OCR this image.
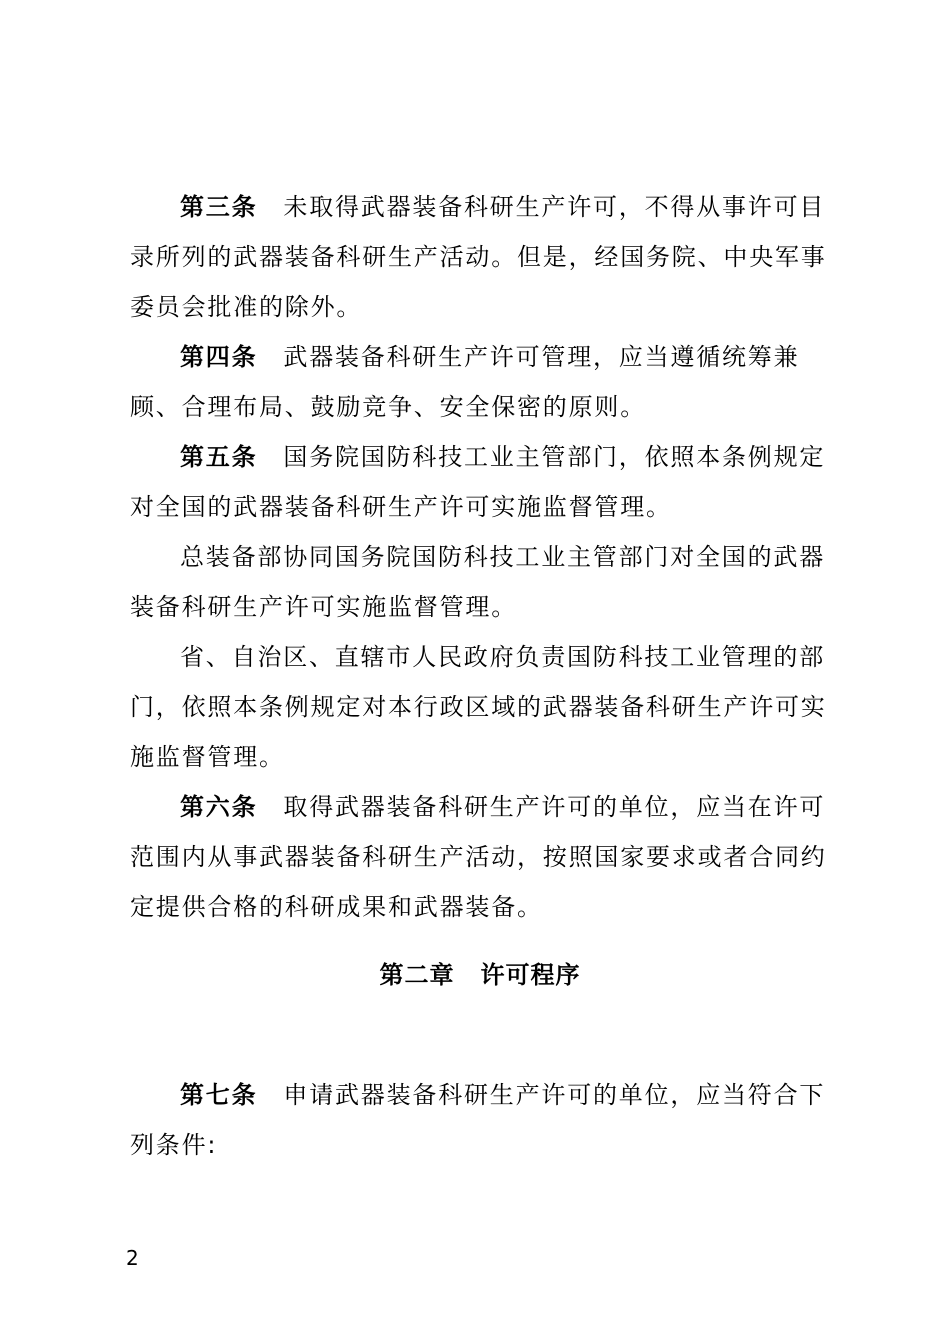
第三条 未取得武器装备科研生产许可，不得从事许可目录所列的武器装备科研生产活动。但是，经国务院、中央军事委员会批准的除外。

第四条 武器装备科研生产许可管理，应当遵循统筹兼顾、合理布局、鼓励竞争、安全保密的原则。

第五条 国务院国防科技工业主管部门，依照本条例规定对全国的武器装备科研生产许可实施监督管理。

总装备部协同国务院国防科技工业主管部门对全国的武器装备科研生产许可实施监督管理。

省、自治区、直辖市人民政府负责国防科技工业管理的部门，依照本条例规定对本行政区域的武器装备科研生产许可实施监督管理。

第六条 取得武器装备科研生产许可的单位，应当在许可范围内从事武器装备科研生产活动，按照国家要求或者合同约定提供合格的科研成果和武器装备。

第二章 许可程序

第七条 申请武器装备科研生产许可的单位，应当符合下列条件:

2
